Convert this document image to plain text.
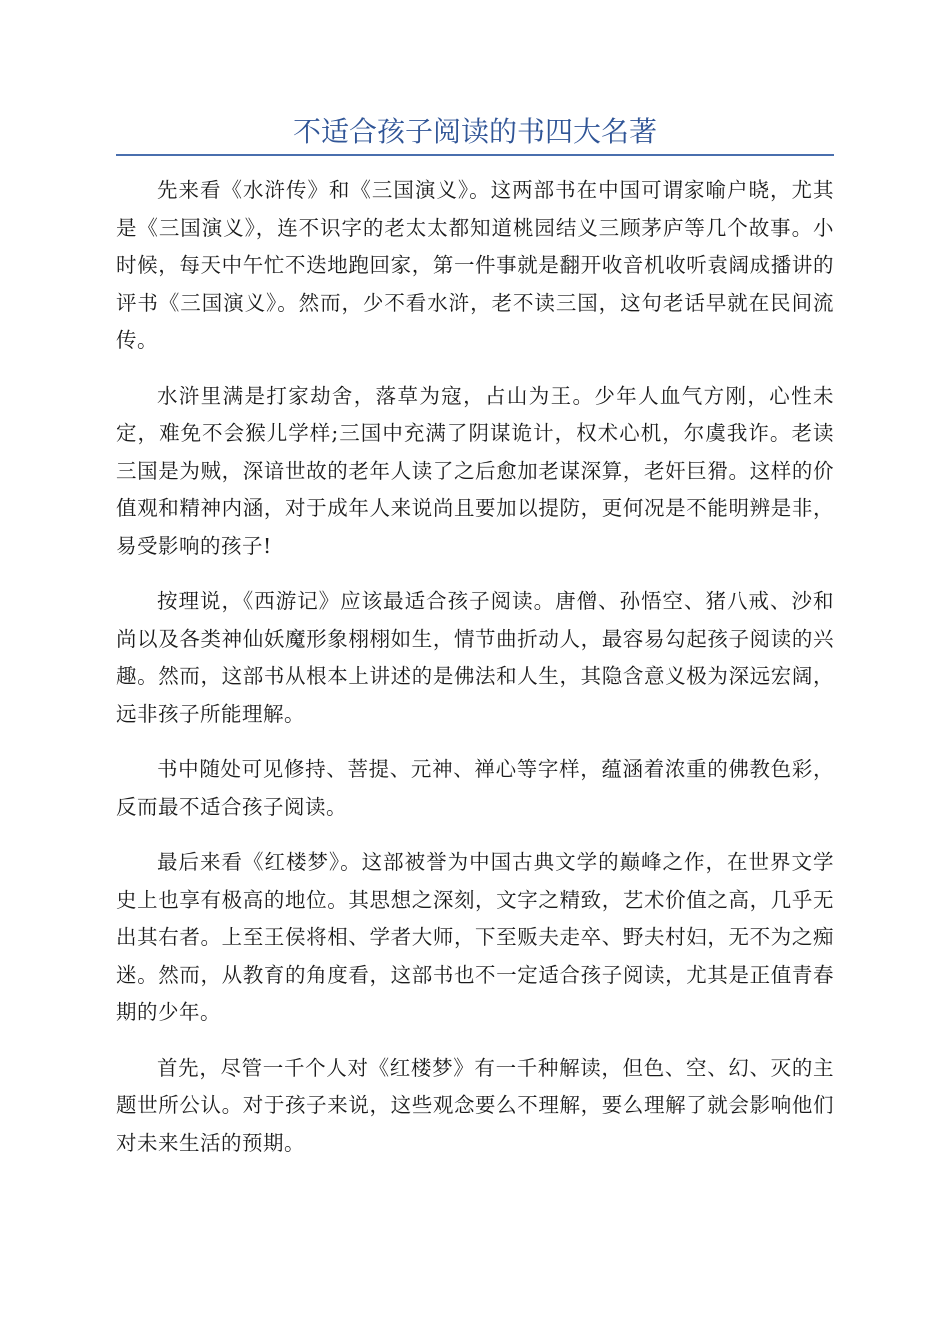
不适合孩子阅读的书四大名著

先来看《水浒传》和《三国演义》。这两部书在中国可谓家喻户晓，尤其是《三国演义》，连不识字的老太太都知道桃园结义三顾茅庐等几个故事。小时候，每天中午忙不迭地跑回家，第一件事就是翻开收音机收听袁阔成播讲的评书《三国演义》。然而，少不看水浒，老不读三国，这句老话早就在民间流传。

水浒里满是打家劫舍，落草为寇，占山为王。少年人血气方刚，心性未定，难免不会猴儿学样;三国中充满了阴谋诡计，权术心机，尔虞我诈。老读三国是为贼，深谙世故的老年人读了之后愈加老谋深算，老奸巨猾。这样的价值观和精神内涵，对于成年人来说尚且要加以提防，更何况是不能明辨是非，易受影响的孩子!

按理说，《西游记》应该最适合孩子阅读。唐僧、孙悟空、猪八戒、沙和尚以及各类神仙妖魔形象栩栩如生，情节曲折动人，最容易勾起孩子阅读的兴趣。然而，这部书从根本上讲述的是佛法和人生，其隐含意义极为深远宏阔，远非孩子所能理解。

书中随处可见修持、菩提、元神、禅心等字样，蕴涵着浓重的佛教色彩，反而最不适合孩子阅读。

最后来看《红楼梦》。这部被誉为中国古典文学的巅峰之作，在世界文学史上也享有极高的地位。其思想之深刻，文字之精致，艺术价值之高，几乎无出其右者。上至王侯将相、学者大师，下至贩夫走卒、野夫村妇，无不为之痴迷。然而，从教育的角度看，这部书也不一定适合孩子阅读，尤其是正值青春期的少年。

首先，尽管一千个人对《红楼梦》有一千种解读，但色、空、幻、灭的主题世所公认。对于孩子来说，这些观念要么不理解，要么理解了就会影响他们对未来生活的预期。
